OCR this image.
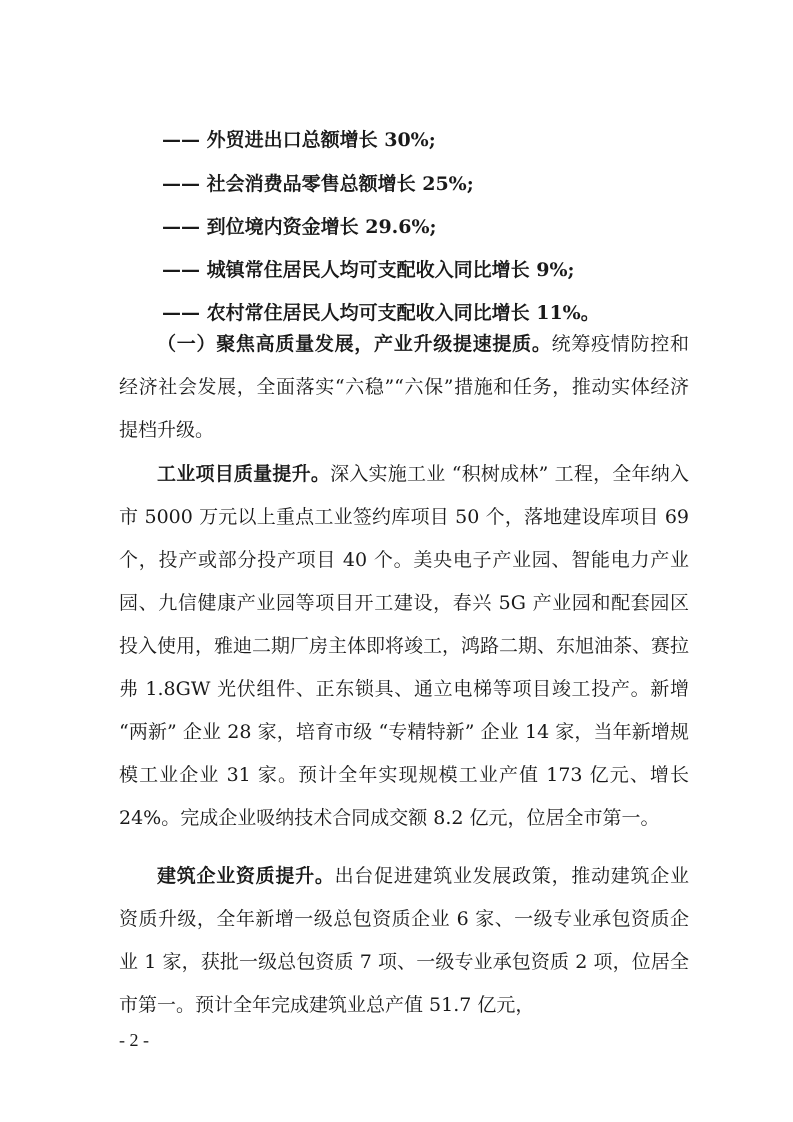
—— 外贸进出口总额增长 30%;
—— 社会消费品零售总额增长 25%;
—— 到位境内资金增长 29.6%;
—— 城镇常住居民人均可支配收入同比增长 9%;
—— 农村常住居民人均可支配收入同比增长 11%。
（一）聚焦高质量发展，产业升级提速提质。统筹疫情防控和经济社会发展，全面落实“六稳”“六保”措施和任务，推动实体经济提档升级。
工业项目质量提升。深入实施工业 “积树成林” 工程，全年纳入市 5000 万元以上重点工业签约库项目 50 个，落地建设库项目 69 个，投产或部分投产项目 40 个。美央电子产业园、智能电力产业园、九信健康产业园等项目开工建设，春兴 5G 产业园和配套园区投入使用，雅迪二期厂房主体即将竣工，鸿路二期、东旭油茶、赛拉弗 1.8GW 光伏组件、正东锁具、通立电梯等项目竣工投产。新增 “两新” 企业 28 家，培育市级 “专精特新” 企业 14 家，当年新增规模工业企业 31 家。预计全年实现规模工业产值 173 亿元、增长 24%。完成企业吸纳技术合同成交额 8.2 亿元，位居全市第一。
建筑企业资质提升。出台促进建筑业发展政策，推动建筑企业资质升级，全年新增一级总包资质企业 6 家、一级专业承包资质企业 1 家，获批一级总包资质 7 项、一级专业承包资质 2 项，位居全市第一。预计全年完成建筑业总产值 51.7 亿元，
- 2 -
